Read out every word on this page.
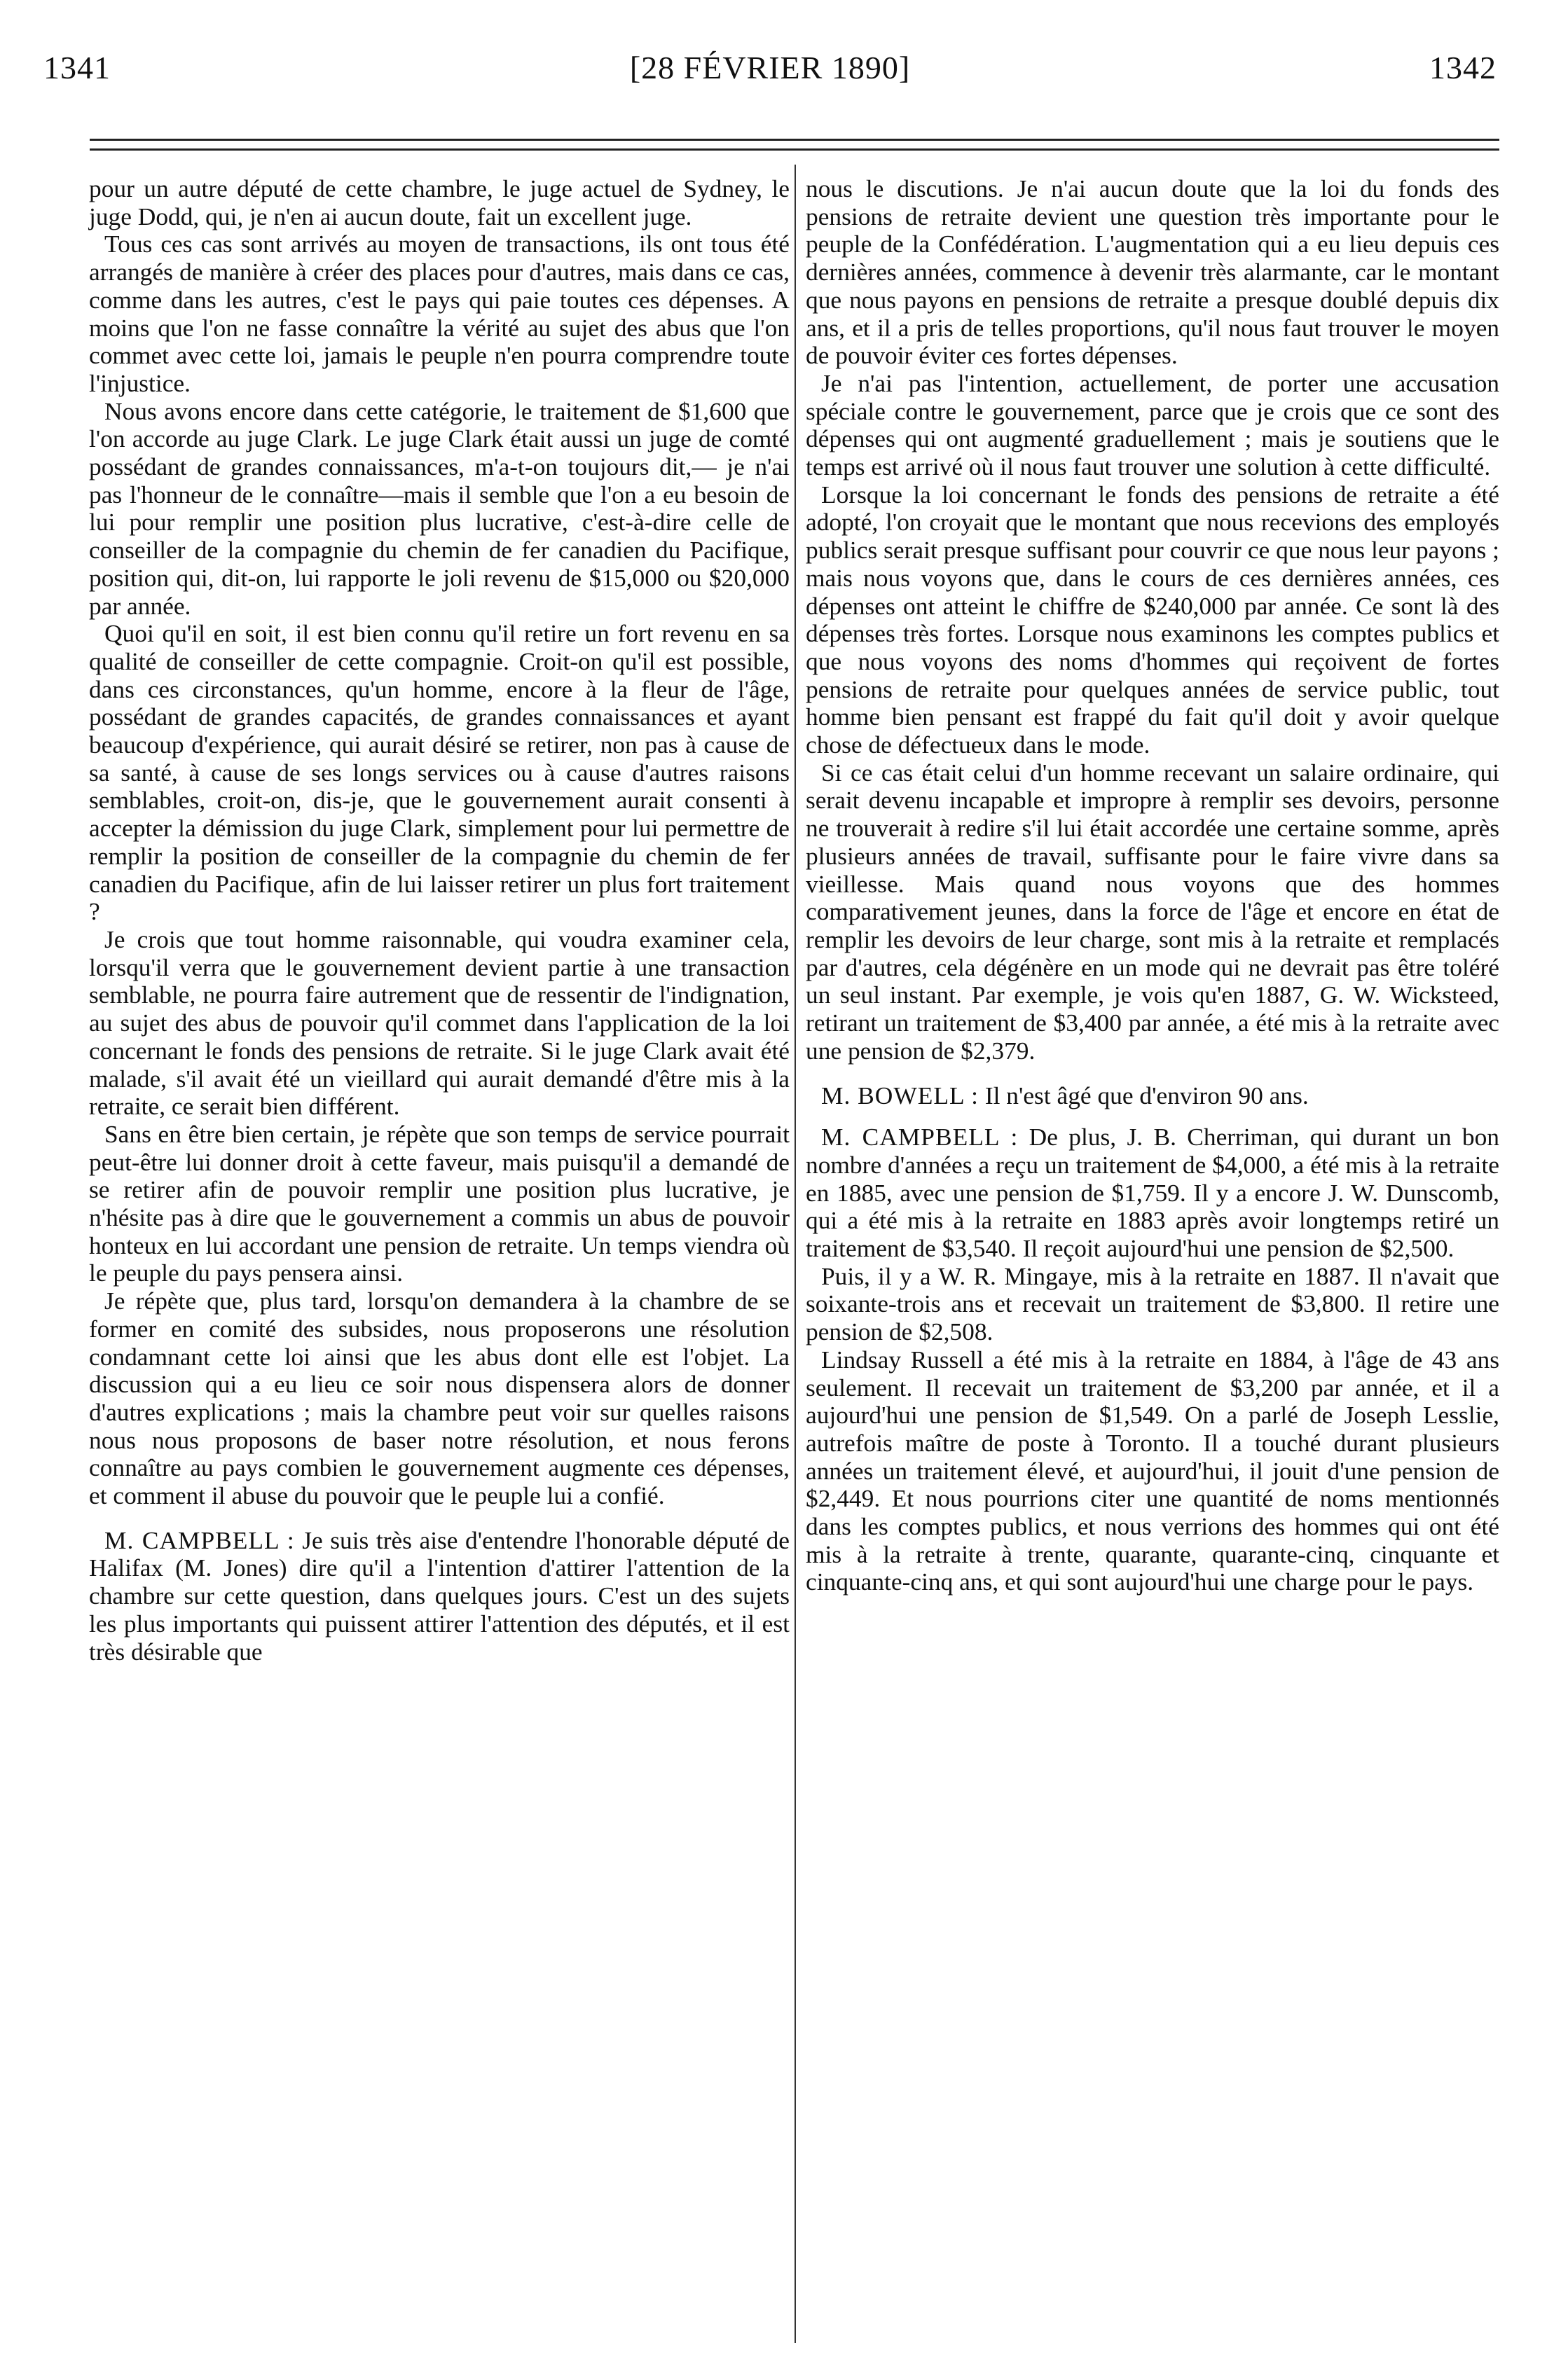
1341	[28 FÉVRIER 1890]	1342

pour un autre député de cette chambre, le juge actuel de Sydney, le juge Dodd, qui, je n'en ai aucun doute, fait un excellent juge.

Tous ces cas sont arrivés au moyen de transactions, ils ont tous été arrangés de manière à créer des places pour d'autres, mais dans ce cas, comme dans les autres, c'est le pays qui paie toutes ces dépenses. A moins que l'on ne fasse connaître la vérité au sujet des abus que l'on commet avec cette loi, jamais le peuple n'en pourra comprendre toute l'injustice.

Nous avons encore dans cette catégorie, le traitement de $1,600 que l'on accorde au juge Clark. Le juge Clark était aussi un juge de comté possédant de grandes connaissances, m'a-t-on toujours dit,— je n'ai pas l'honneur de le connaître—mais il semble que l'on a eu besoin de lui pour remplir une position plus lucrative, c'est-à-dire celle de conseiller de la compagnie du chemin de fer canadien du Pacifique, position qui, dit-on, lui rapporte le joli revenu de $15,000 ou $20,000 par année.

Quoi qu'il en soit, il est bien connu qu'il retire un fort revenu en sa qualité de conseiller de cette compagnie. Croit-on qu'il est possible, dans ces circonstances, qu'un homme, encore à la fleur de l'âge, possédant de grandes capacités, de grandes connaissances et ayant beaucoup d'expérience, qui aurait désiré se retirer, non pas à cause de sa santé, à cause de ses longs services ou à cause d'autres raisons semblables, croit-on, dis-je, que le gouvernement aurait consenti à accepter la démission du juge Clark, simplement pour lui permettre de remplir la position de conseiller de la compagnie du chemin de fer canadien du Pacifique, afin de lui laisser retirer un plus fort traitement ?

Je crois que tout homme raisonnable, qui voudra examiner cela, lorsqu'il verra que le gouvernement devient partie à une transaction semblable, ne pourra faire autrement que de ressentir de l'indignation, au sujet des abus de pouvoir qu'il commet dans l'application de la loi concernant le fonds des pensions de retraite. Si le juge Clark avait été malade, s'il avait été un vieillard qui aurait demandé d'être mis à la retraite, ce serait bien différent.

Sans en être bien certain, je répète que son temps de service pourrait peut-être lui donner droit à cette faveur, mais puisqu'il a demandé de se retirer afin de pouvoir remplir une position plus lucrative, je n'hésite pas à dire que le gouvernement a commis un abus de pouvoir honteux en lui accordant une pension de retraite. Un temps viendra où le peuple du pays pensera ainsi.

Je répète que, plus tard, lorsqu'on demandera à la chambre de se former en comité des subsides, nous proposerons une résolution condamnant cette loi ainsi que les abus dont elle est l'objet. La discussion qui a eu lieu ce soir nous dispensera alors de donner d'autres explications ; mais la chambre peut voir sur quelles raisons nous nous proposons de baser notre résolution, et nous ferons connaître au pays combien le gouvernement augmente ces dépenses, et comment il abuse du pouvoir que le peuple lui a confié.

M. CAMPBELL : Je suis très aise d'entendre l'honorable député de Halifax (M. Jones) dire qu'il a l'intention d'attirer l'attention de la chambre sur cette question, dans quelques jours. C'est un des sujets les plus importants qui puissent attirer l'attention des députés, et il est très désirable que

nous le discutions. Je n'ai aucun doute que la loi du fonds des pensions de retraite devient une question très importante pour le peuple de la Confédération. L'augmentation qui a eu lieu depuis ces dernières années, commence à devenir très alarmante, car le montant que nous payons en pensions de retraite a presque doublé depuis dix ans, et il a pris de telles proportions, qu'il nous faut trouver le moyen de pouvoir éviter ces fortes dépenses.

Je n'ai pas l'intention, actuellement, de porter une accusation spéciale contre le gouvernement, parce que je crois que ce sont des dépenses qui ont augmenté graduellement ; mais je soutiens que le temps est arrivé où il nous faut trouver une solution à cette difficulté.

Lorsque la loi concernant le fonds des pensions de retraite a été adopté, l'on croyait que le montant que nous recevions des employés publics serait presque suffisant pour couvrir ce que nous leur payons ; mais nous voyons que, dans le cours de ces dernières années, ces dépenses ont atteint le chiffre de $240,000 par année. Ce sont là des dépenses très fortes. Lorsque nous examinons les comptes publics et que nous voyons des noms d'hommes qui reçoivent de fortes pensions de retraite pour quelques années de service public, tout homme bien pensant est frappé du fait qu'il doit y avoir quelque chose de défectueux dans le mode.

Si ce cas était celui d'un homme recevant un salaire ordinaire, qui serait devenu incapable et impropre à remplir ses devoirs, personne ne trouverait à redire s'il lui était accordée une certaine somme, après plusieurs années de travail, suffisante pour le faire vivre dans sa vieillesse. Mais quand nous voyons que des hommes comparativement jeunes, dans la force de l'âge et encore en état de remplir les devoirs de leur charge, sont mis à la retraite et remplacés par d'autres, cela dégénère en un mode qui ne devrait pas être toléré un seul instant. Par exemple, je vois qu'en 1887, G. W. Wicksteed, retirant un traitement de $3,400 par année, a été mis à la retraite avec une pension de $2,379.

M. BOWELL : Il n'est âgé que d'environ 90 ans.

M. CAMPBELL : De plus, J. B. Cherriman, qui durant un bon nombre d'années a reçu un traitement de $4,000, a été mis à la retraite en 1885, avec une pension de $1,759. Il y a encore J. W. Dunscomb, qui a été mis à la retraite en 1883 après avoir longtemps retiré un traitement de $3,540. Il reçoit aujourd'hui une pension de $2,500.

Puis, il y a W. R. Mingaye, mis à la retraite en 1887. Il n'avait que soixante-trois ans et recevait un traitement de $3,800. Il retire une pension de $2,508.

Lindsay Russell a été mis à la retraite en 1884, à l'âge de 43 ans seulement. Il recevait un traitement de $3,200 par année, et il a aujourd'hui une pension de $1,549. On a parlé de Joseph Lesslie, autrefois maître de poste à Toronto. Il a touché durant plusieurs années un traitement élevé, et aujourd'hui, il jouit d'une pension de $2,449. Et nous pourrions citer une quantité de noms mentionnés dans les comptes publics, et nous verrions des hommes qui ont été mis à la retraite à trente, quarante, quarante-cinq, cinquante et cinquante-cinq ans, et qui sont aujourd'hui une charge pour le pays.
